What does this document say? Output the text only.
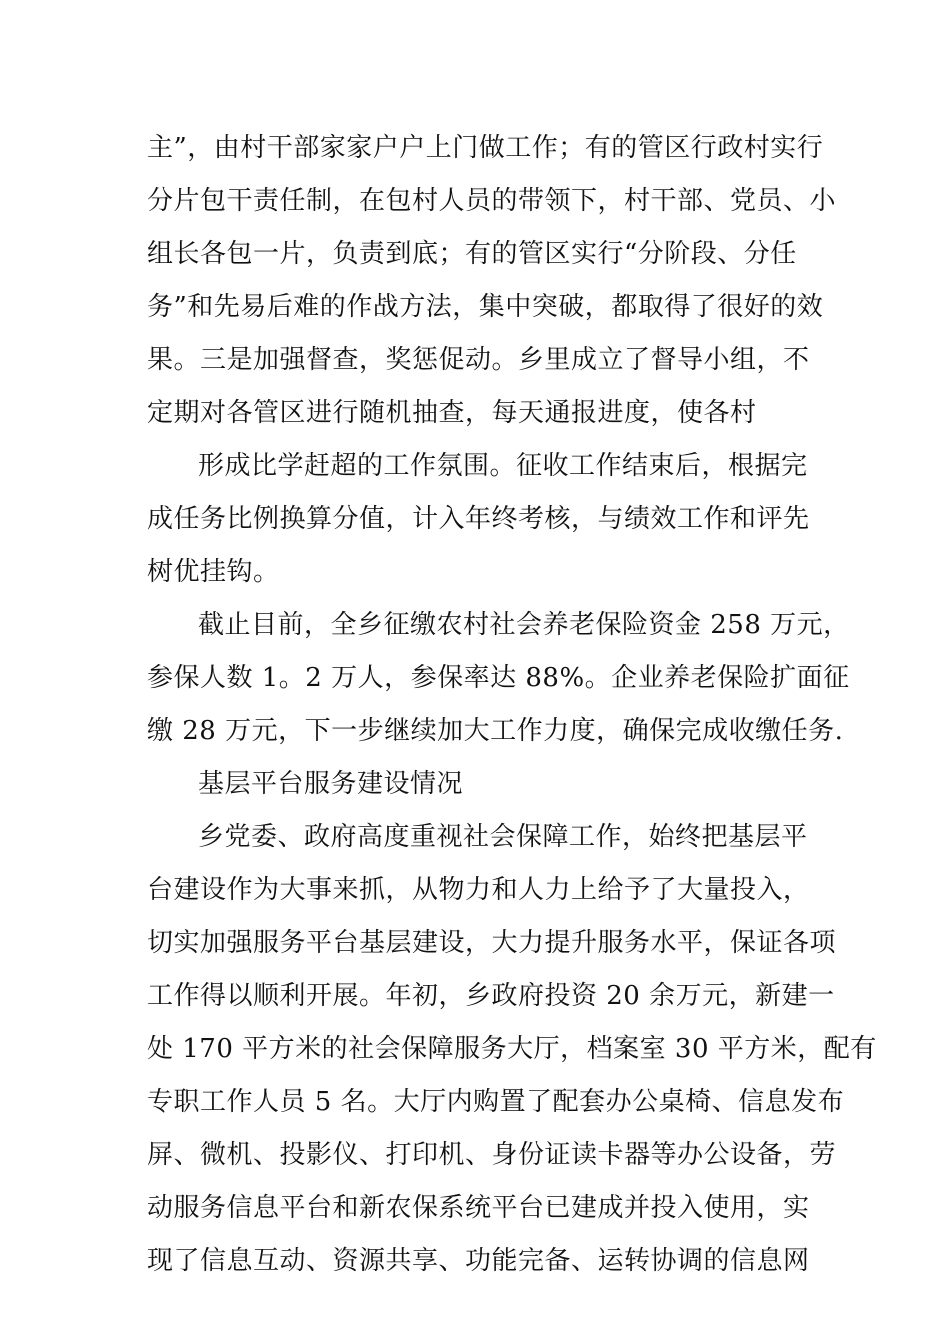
主”，由村干部家家户户上门做工作；有的管区行政村实行
分片包干责任制，在包村人员的带领下，村干部、党员、小
组长各包一片，负责到底；有的管区实行“分阶段、分任
务”和先易后难的作战方法，集中突破，都取得了很好的效
果。三是加强督查，奖惩促动。乡里成立了督导小组，不
定期对各管区进行随机抽查，每天通报进度，使各村
形成比学赶超的工作氛围。征收工作结束后，根据完
成任务比例换算分值，计入年终考核，与绩效工作和评先
树优挂钩。
截止目前，全乡征缴农村社会养老保险资金 258 万元，
参保人数 1。2 万人，参保率达 88%。企业养老保险扩面征
缴 28 万元，下一步继续加大工作力度，确保完成收缴任务.
基层平台服务建设情况
乡党委、政府高度重视社会保障工作，始终把基层平
台建设作为大事来抓，从物力和人力上给予了大量投入，
切实加强服务平台基层建设，大力提升服务水平，保证各项
工作得以顺利开展。年初，乡政府投资 20 余万元，新建一
处 170 平方米的社会保障服务大厅，档案室 30 平方米，配有
专职工作人员 5 名。大厅内购置了配套办公桌椅、信息发布
屏、微机、投影仪、打印机、身份证读卡器等办公设备，劳
动服务信息平台和新农保系统平台已建成并投入使用，实
现了信息互动、资源共享、功能完备、运转协调的信息网
